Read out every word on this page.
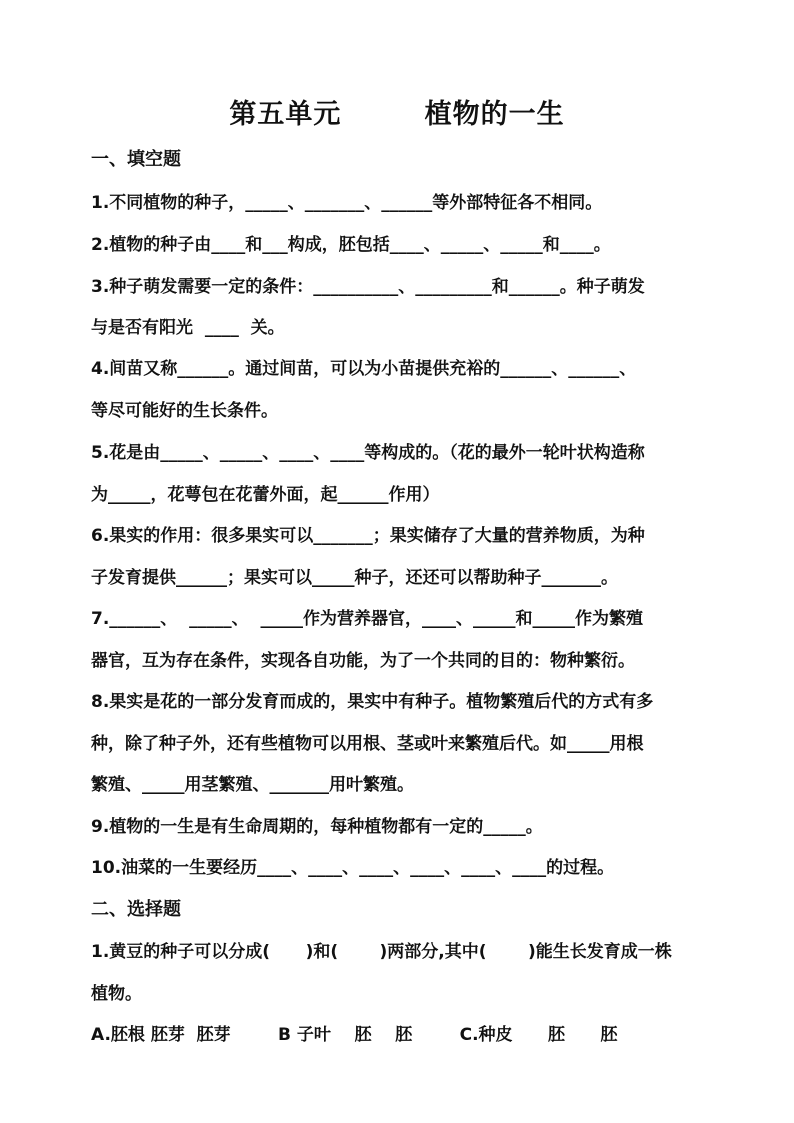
第五单元        植物的一生
一、填空题
1.不同植物的种子，_____、_______、______等外部特征各不相同。
2.植物的种子由____和___构成，胚包括____、_____、_____和____。
3.种子萌发需要一定的条件：__________、_________和______。种子萌发
与是否有阳光  ____  关。
4.间苗又称______。通过间苗，可以为小苗提供充裕的______、______、
等尽可能好的生长条件。
5.花是由_____、_____、____、____等构成的。（花的最外一轮叶状构造称
为_____，花萼包在花蕾外面，起______作用）
6.果实的作用：很多果实可以_______；果实储存了大量的营养物质，为种
子发育提供______；果实可以_____种子，还还可以帮助种子_______。
7.______、  _____、  _____作为营养器官，____、_____和_____作为繁殖
器官，互为存在条件，实现各自功能，为了一个共同的目的：物种繁衍。
8.果实是花的一部分发育而成的，果实中有种子。植物繁殖后代的方式有多
种，除了种子外，还有些植物可以用根、茎或叶来繁殖后代。如_____用根
繁殖、_____用茎繁殖、_______用叶繁殖。
9.植物的一生是有生命周期的，每种植物都有一定的_____。
10.油菜的一生要经历____、____、____、____、____、____的过程。
二、选择题
1.黄豆的种子可以分成(      )和(       )两部分,其中(       )能生长发育成一株
植物。
A.胚根 胚芽  胚芽        B 子叶    胚    胚        C.种皮      胚      胚
